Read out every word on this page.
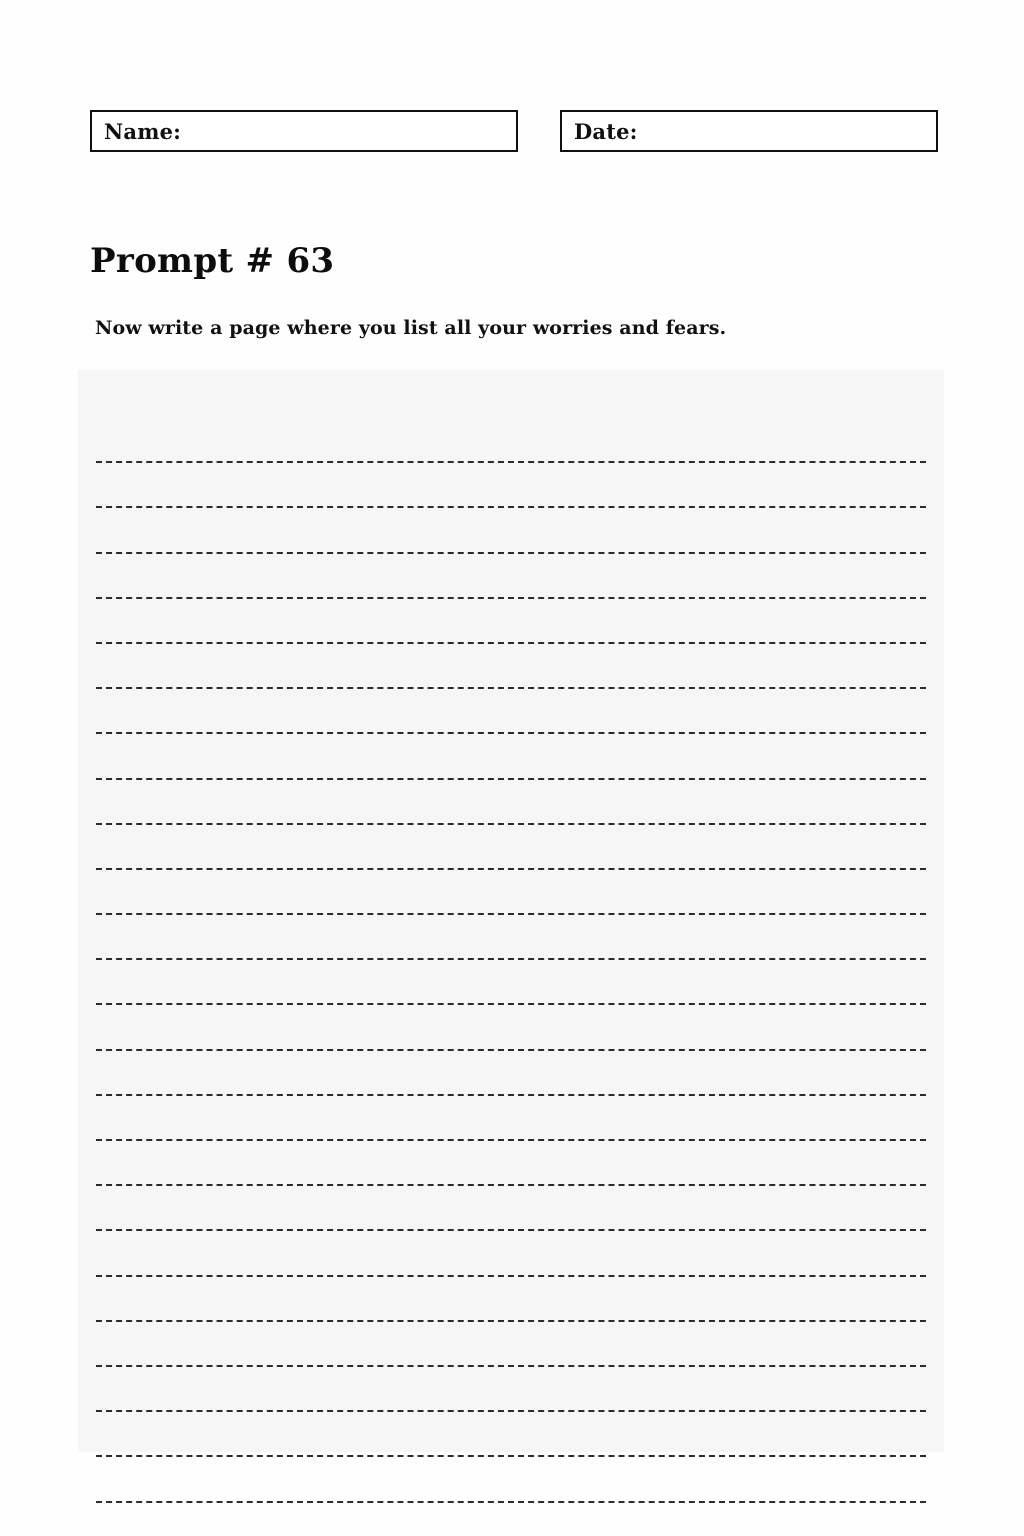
Name:	Date:
Prompt # 63

Now write a page where you list all your worries and fears.
